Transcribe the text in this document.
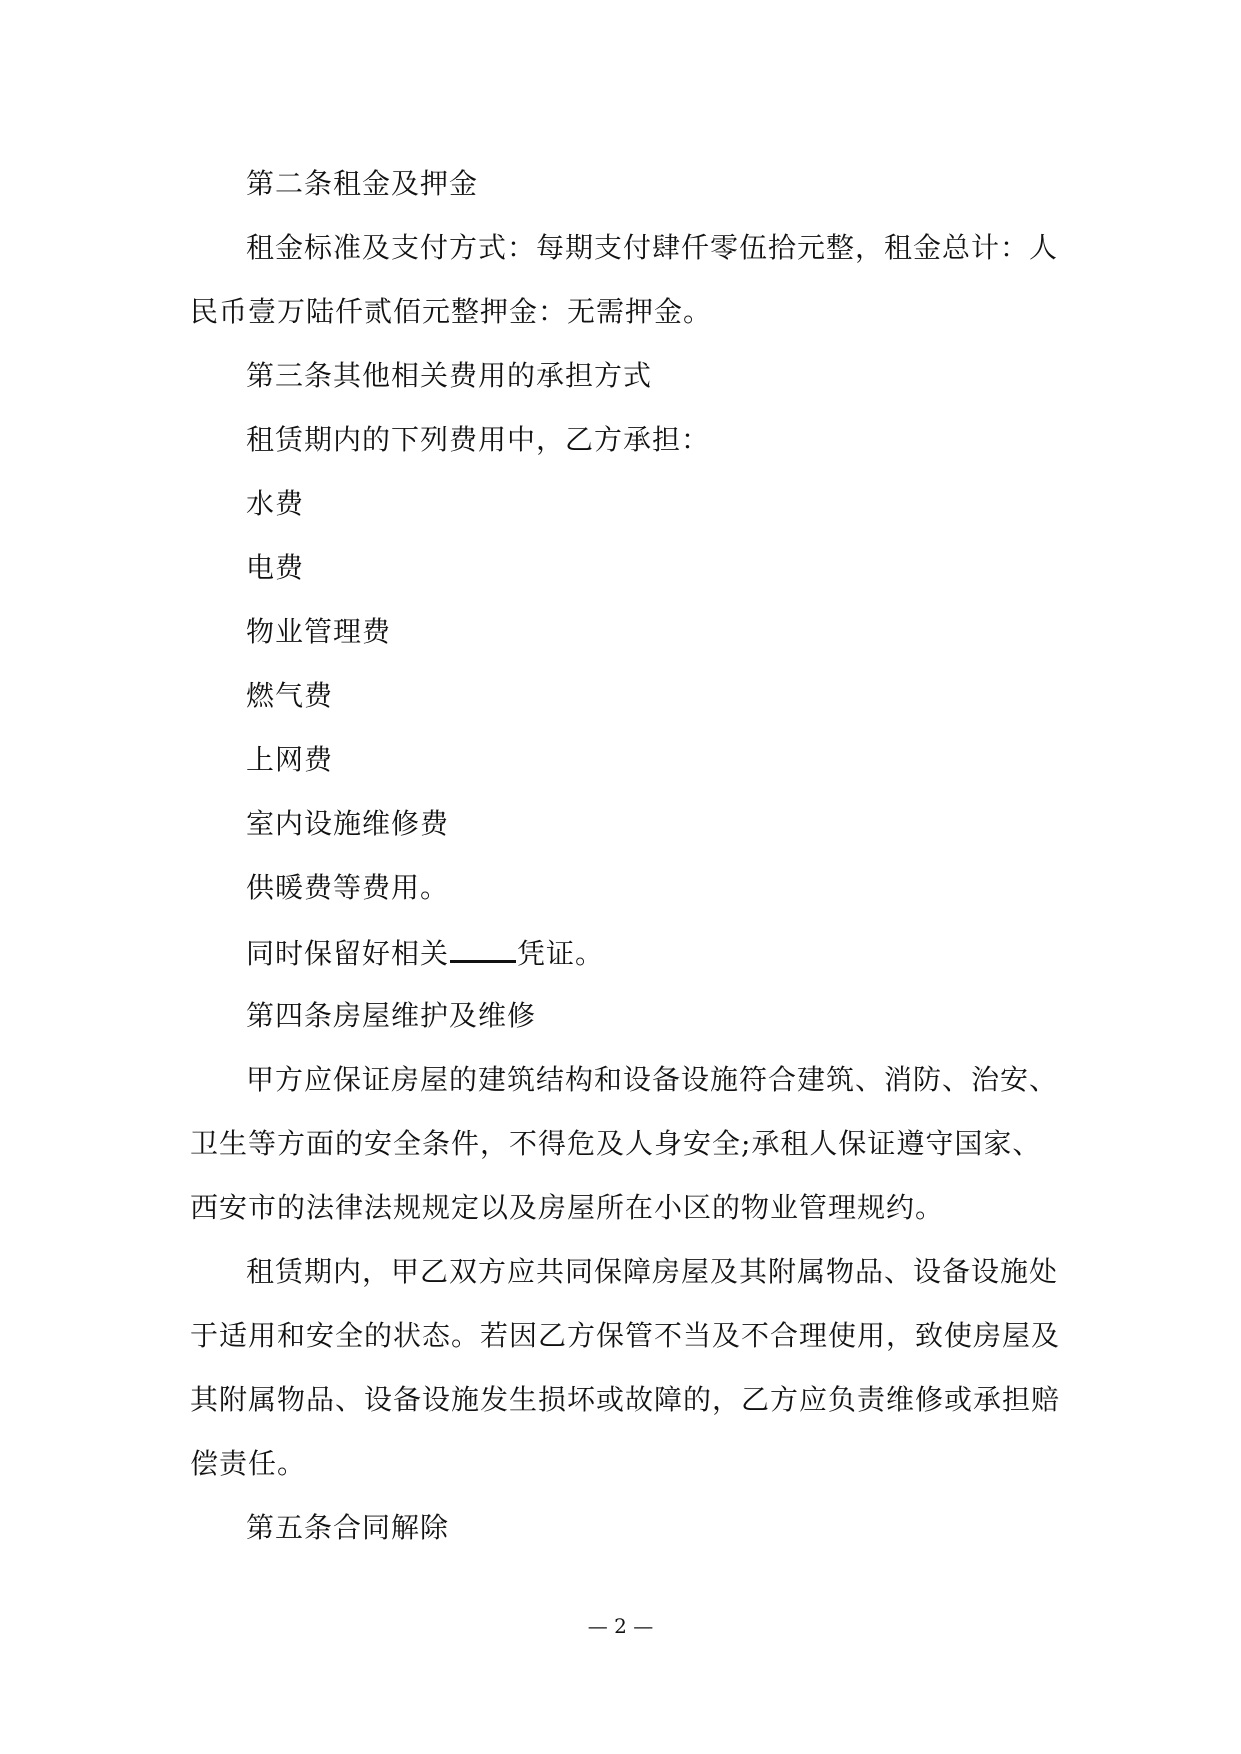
第二条租金及押金
租金标准及支付方式：每期支付肆仟零伍拾元整，租金总计：人
民币壹万陆仟贰佰元整押金：无需押金。
第三条其他相关费用的承担方式
租赁期内的下列费用中，乙方承担：
水费
电费
物业管理费
燃气费
上网费
室内设施维修费
供暖费等费用。
同时保留好相关 凭证。
第四条房屋维护及维修
甲方应保证房屋的建筑结构和设备设施符合建筑、消防、治安、
卫生等方面的安全条件，不得危及人身安全;承租人保证遵守国家、
西安市的法律法规规定以及房屋所在小区的物业管理规约。
租赁期内，甲乙双方应共同保障房屋及其附属物品、设备设施处
于适用和安全的状态。若因乙方保管不当及不合理使用，致使房屋及
其附属物品、设备设施发生损坏或故障的，乙方应负责维修或承担赔
偿责任。
第五条合同解除
— 2 —
